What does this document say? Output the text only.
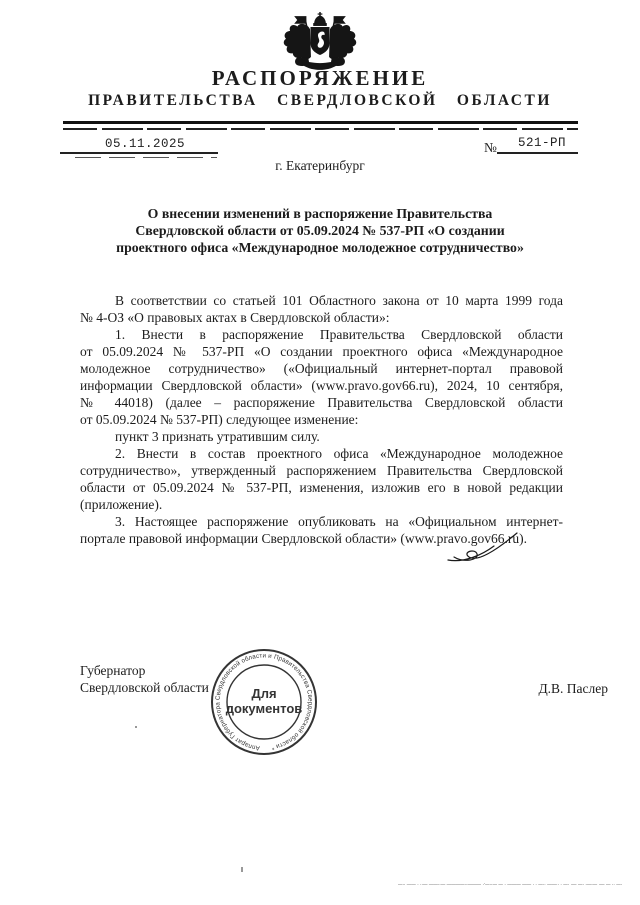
РАСПОРЯЖЕНИЕ
ПРАВИТЕЛЬСТВА СВЕРДЛОВСКОЙ ОБЛАСТИ
05.11.2025	№ 521-РП
г. Екатеринбург
О внесении изменений в распоряжение Правительства
Свердловской области от 05.09.2024 № 537-РП «О создании
проектного офиса «Международное молодежное сотрудничество»
В соответствии со статьей 101 Областного закона от 10 марта 1999 года
№ 4-ОЗ «О правовых актах в Свердловской области»:
1. Внести в распоряжение Правительства Свердловской области
от 05.09.2024 № 537-РП «О создании проектного офиса «Международное
молодежное сотрудничество» («Официальный интернет-портал правовой
информации Свердловской области» (www.pravo.gov66.ru), 2024, 10 сентября,
№ 44018) (далее – распоряжение Правительства Свердловской области
от 05.09.2024 № 537-РП) следующее изменение:
пункт 3 признать утратившим силу.
2. Внести в состав проектного офиса «Международное молодежное
сотрудничество», утвержденный распоряжением Правительства Свердловской
области от 05.09.2024 № 537-РП, изменения, изложив его в новой редакции
(приложение).
3. Настоящее распоряжение опубликовать на «Официальном интернет-
портале правовой информации Свердловской области» (www.pravo.gov66.ru).
Губернатор
Свердловской области	Д.В. Паслер
Аппарат Губернатора Свердловской области и Правительства Свердловской области *
Для
документов
―·· ―― · ··― ――··― ――――··――― ·'―··― ― · ――― ―― · · ―·· ――·· · ―· ·― ―· ·―·― ·― ― ·· ―·
